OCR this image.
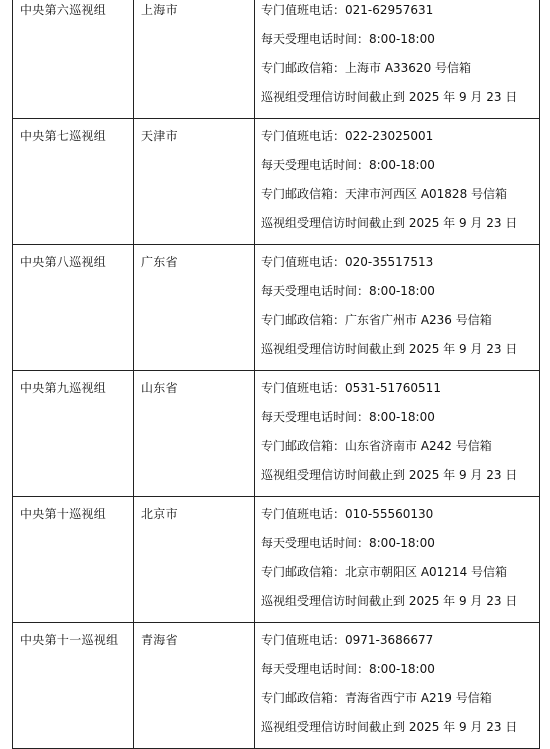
中央第六巡视组	上海市	专门值班电话：021-62957631
每天受理电话时间：8:00-18:00
专门邮政信箱：上海市 A33620 号信箱
巡视组受理信访时间截止到 2025 年 9 月 23 日

中央第七巡视组	天津市	专门值班电话：022-23025001
每天受理电话时间：8:00-18:00
专门邮政信箱：天津市河西区 A01828 号信箱
巡视组受理信访时间截止到 2025 年 9 月 23 日

中央第八巡视组	广东省	专门值班电话：020-35517513
每天受理电话时间：8:00-18:00
专门邮政信箱：广东省广州市 A236 号信箱
巡视组受理信访时间截止到 2025 年 9 月 23 日

中央第九巡视组	山东省	专门值班电话：0531-51760511
每天受理电话时间：8:00-18:00
专门邮政信箱：山东省济南市 A242 号信箱
巡视组受理信访时间截止到 2025 年 9 月 23 日

中央第十巡视组	北京市	专门值班电话：010-55560130
每天受理电话时间：8:00-18:00
专门邮政信箱：北京市朝阳区 A01214 号信箱
巡视组受理信访时间截止到 2025 年 9 月 23 日

中央第十一巡视组	青海省	专门值班电话：0971-3686677
每天受理电话时间：8:00-18:00
专门邮政信箱：青海省西宁市 A219 号信箱
巡视组受理信访时间截止到 2025 年 9 月 23 日
